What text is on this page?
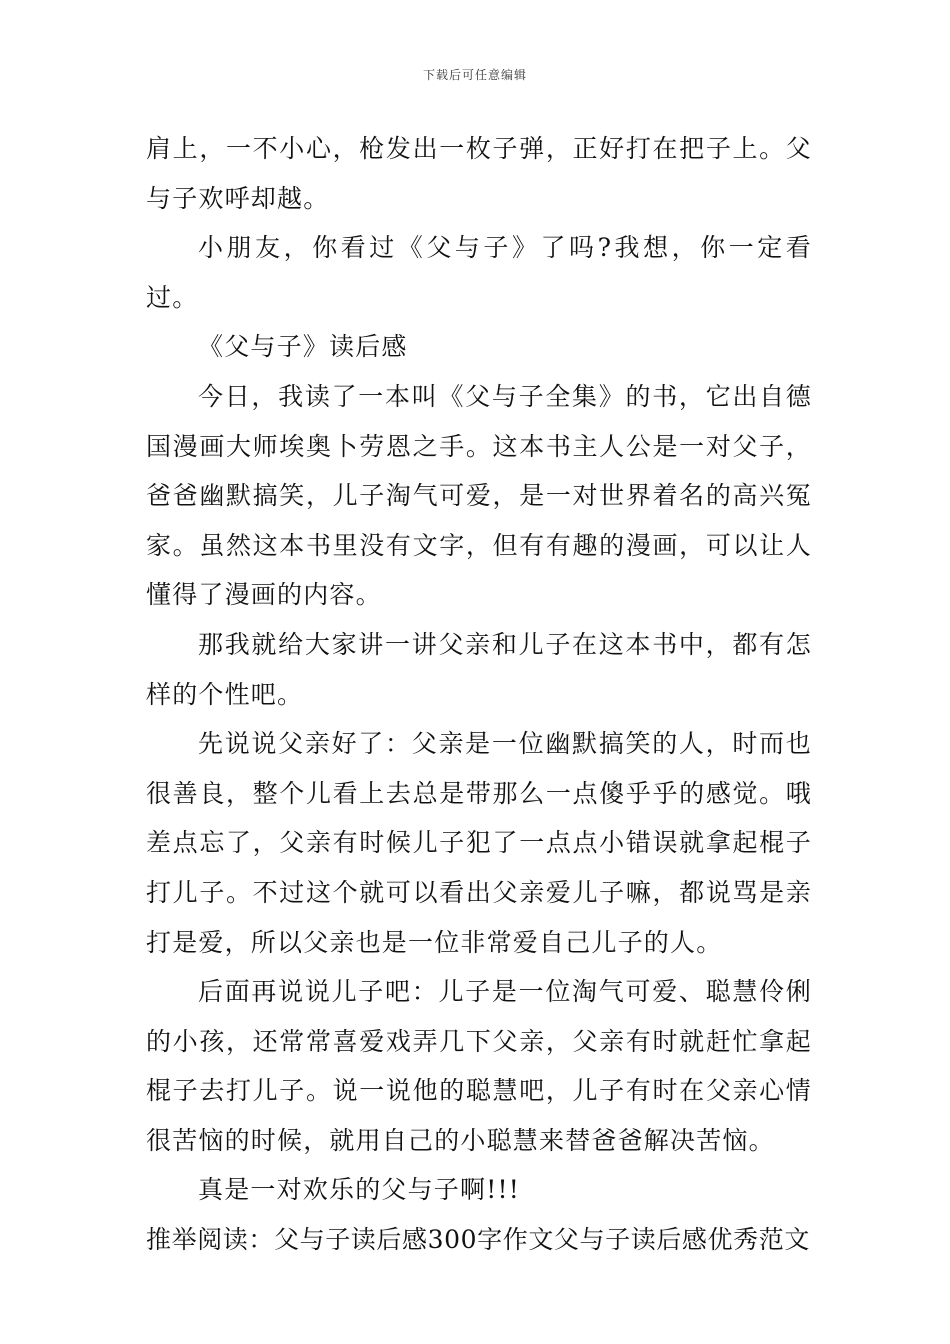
下载后可任意编辑

肩上，一不小心，枪发出一枚子弹，正好打在把子上。父与子欢呼却越。

小朋友，你看过《父与子》了吗?我想，你一定看过。

《父与子》读后感

今日，我读了一本叫《父与子全集》的书，它出自德国漫画大师埃奥卜劳恩之手。这本书主人公是一对父子，爸爸幽默搞笑，儿子淘气可爱，是一对世界着名的高兴冤家。虽然这本书里没有文字，但有有趣的漫画，可以让人懂得了漫画的内容。

那我就给大家讲一讲父亲和儿子在这本书中，都有怎样的个性吧。

先说说父亲好了：父亲是一位幽默搞笑的人，时而也很善良，整个儿看上去总是带那么一点傻乎乎的感觉。哦差点忘了，父亲有时候儿子犯了一点点小错误就拿起棍子打儿子。不过这个就可以看出父亲爱儿子嘛，都说骂是亲打是爱，所以父亲也是一位非常爱自己儿子的人。

后面再说说儿子吧：儿子是一位淘气可爱、聪慧伶俐的小孩，还常常喜爱戏弄几下父亲，父亲有时就赶忙拿起棍子去打儿子。说一说他的聪慧吧，儿子有时在父亲心情很苦恼的时候，就用自己的小聪慧来替爸爸解决苦恼。

真是一对欢乐的父与子啊!!!

推举阅读：父与子读后感300字作文父与子读后感优秀范文
